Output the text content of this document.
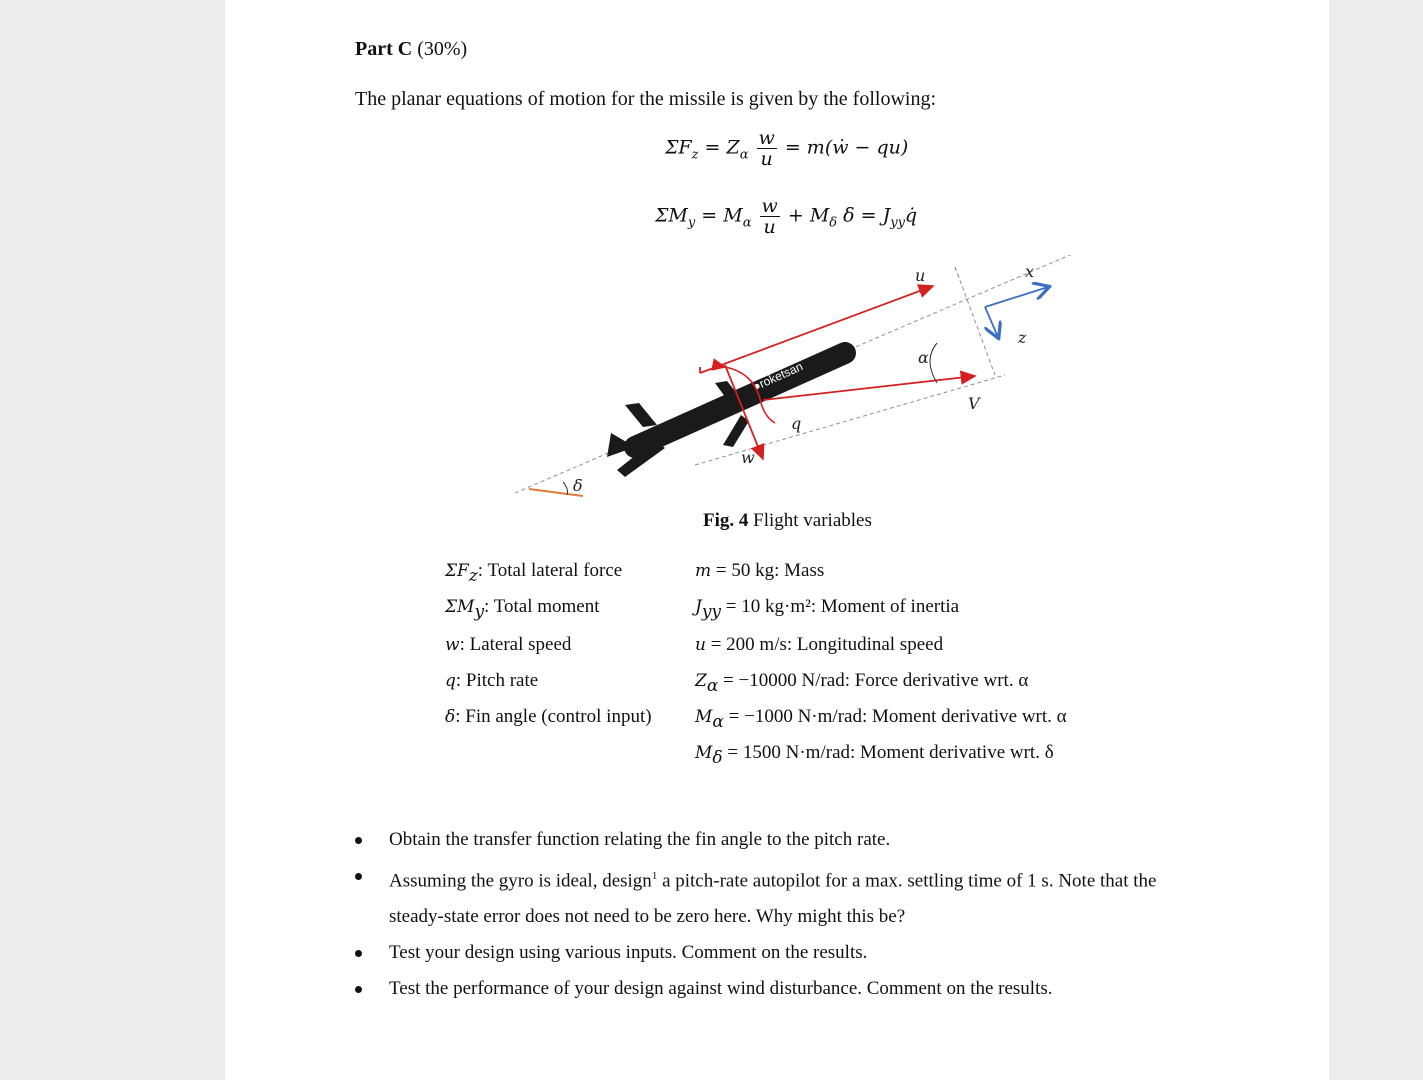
Part C (30%)
The planar equations of motion for the missile is given by the following:
$\Sigma F_z = Z_\alpha \frac{w}{u}$ = m(ẇ − qu)
$\Sigma M_y = M_\alpha \frac{w}{u} + M_\delta$ $\delta = J_{yy}q̇$
●roketsan
u	x
z
α
V
q
w
δ
Fig. 4 Flight variables
$\Sigma F_z$: Total lateral force
$\Sigma M_y$: Total moment
w: Lateral speed
q: Pitch rate
δ: Fin angle (control input)
m = 50 kg: Mass
$J_{yy} = 10$ kg·m²: Moment of inertia
u = 200 m/s: Longitudinal speed
$Z_\alpha = -10000$ N/rad: Force derivative wrt. α
$M_\alpha = -1000$ N·m/rad: Moment derivative wrt. α
$M_\delta = 1500$ N·m/rad: Moment derivative wrt. δ
Obtain the transfer function relating the fin angle to the pitch rate.
Assuming the gyro is ideal, design$^1$ a pitch-rate autopilot for a max. settling time of 1 s. Note that the steady-state error does not need to be zero here. Why might this be?
Test your design using various inputs. Comment on the results.
Test the performance of your design against wind disturbance. Comment on the results.
